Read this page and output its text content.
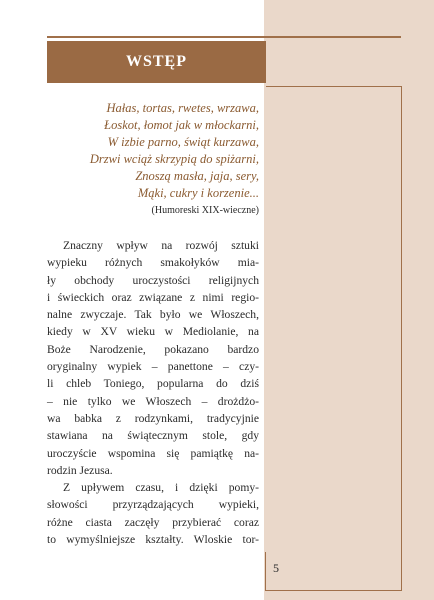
WSTĘP
Hałas, tortas, rwetes, wrzawa,
Łoskot, łomot jak w młockarni,
W izbie parno, świąt kurzawa,
Drzwi wciąż skrzypią do spiżarni,
Znoszą masła, jaja, sery,
Mąki, cukry i korzenie...
(Humoreski XIX-wieczne)

Znaczny wpływ na rozwój sztuki
wypieku różnych smakołyków mia-
ły obchody uroczystości religijnych
i świeckich oraz związane z nimi regio-
nalne zwyczaje. Tak było we Włoszech,
kiedy w XV wieku w Mediolanie, na
Boże Narodzenie, pokazano bardzo
oryginalny wypiek – panettone – czy-
li chleb Toniego, popularna do dziś
– nie tylko we Włoszech – drożdżo-
wa babka z rodzynkami, tradycyjnie
stawiana na świątecznym stole, gdy
uroczyście wspomina się pamiątkę na-
rodzin Jezusa.

Z upływem czasu, i dzięki pomy-
słowości przyrządzających wypieki,
różne ciasta zaczęły przybierać coraz
to wymyślniejsze kształty. Wloskie tor-

5
